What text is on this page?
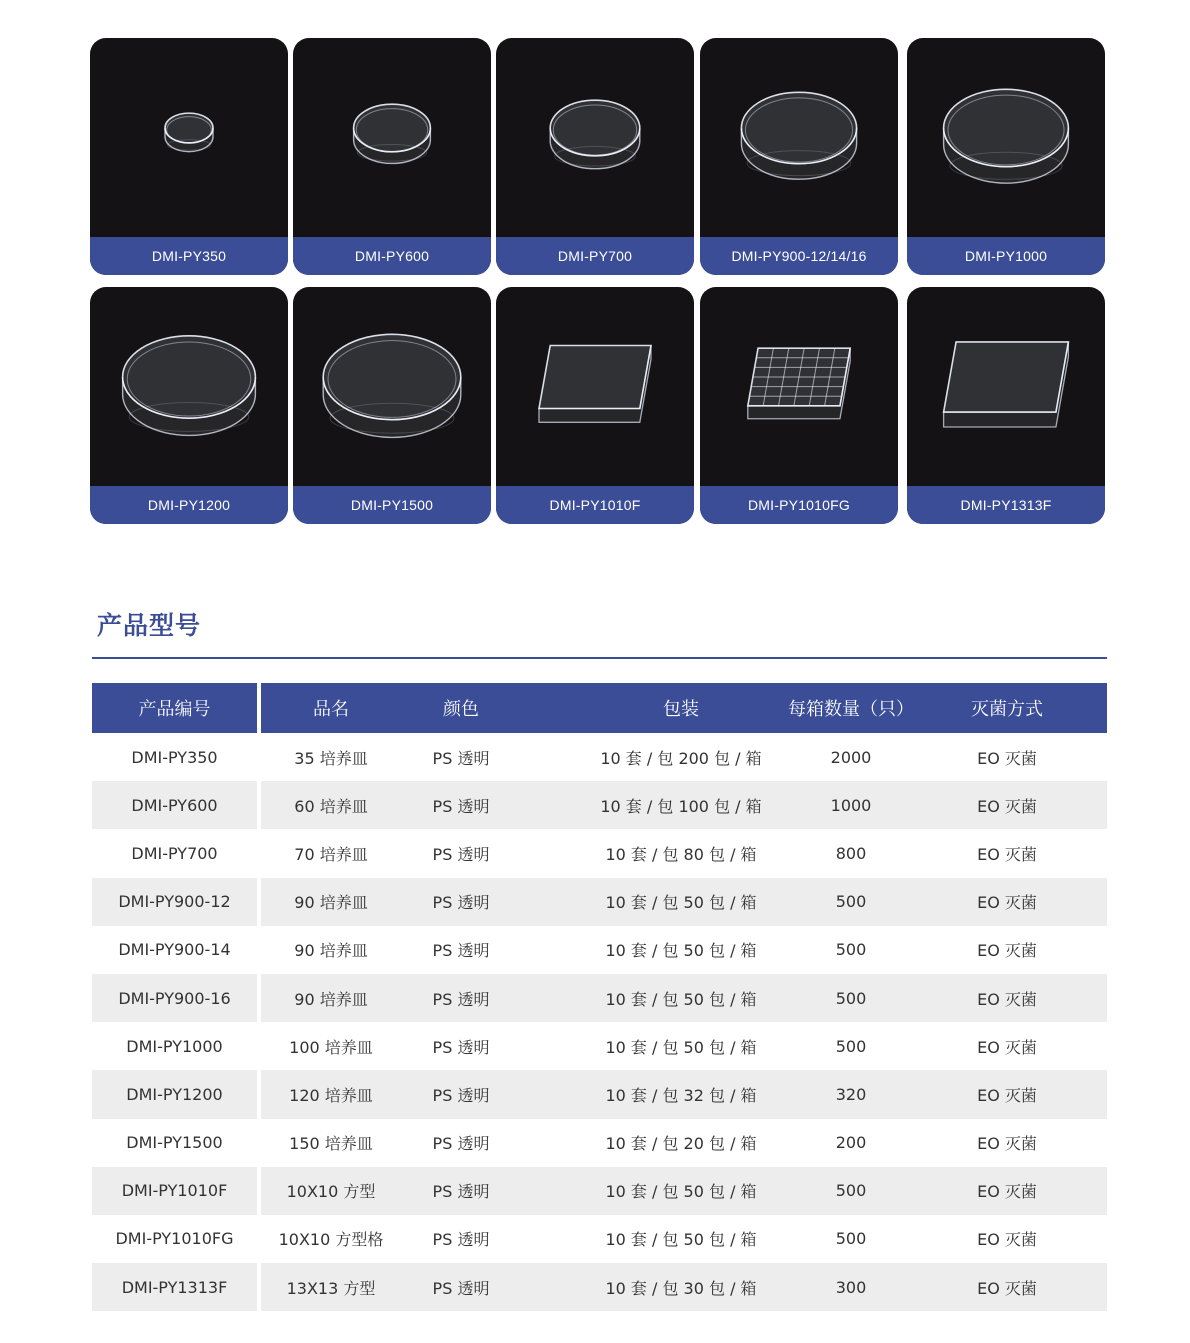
DMI-PY350	DMI-PY600	DMI-PY700	DMI-PY900-12/14/16	DMI-PY1000
DMI-PY1200	DMI-PY1500	DMI-PY1010F	DMI-PY1010FG	DMI-PY1313F
产品型号
产品编号	品名	颜色	包装	每箱数量（只）	灭菌方式
DMI-PY350	35 培养皿	PS 透明	10 套 / 包 200 包 / 箱	2000	EO 灭菌
DMI-PY600	60 培养皿	PS 透明	10 套 / 包 100 包 / 箱	1000	EO 灭菌
DMI-PY700	70 培养皿	PS 透明	10 套 / 包 80 包 / 箱	800	EO 灭菌
DMI-PY900-12	90 培养皿	PS 透明	10 套 / 包 50 包 / 箱	500	EO 灭菌
DMI-PY900-14	90 培养皿	PS 透明	10 套 / 包 50 包 / 箱	500	EO 灭菌
DMI-PY900-16	90 培养皿	PS 透明	10 套 / 包 50 包 / 箱	500	EO 灭菌
DMI-PY1000	100 培养皿	PS 透明	10 套 / 包 50 包 / 箱	500	EO 灭菌
DMI-PY1200	120 培养皿	PS 透明	10 套 / 包 32 包 / 箱	320	EO 灭菌
DMI-PY1500	150 培养皿	PS 透明	10 套 / 包 20 包 / 箱	200	EO 灭菌
DMI-PY1010F	10X10 方型	PS 透明	10 套 / 包 50 包 / 箱	500	EO 灭菌
DMI-PY1010FG	10X10 方型格	PS 透明	10 套 / 包 50 包 / 箱	500	EO 灭菌
DMI-PY1313F	13X13 方型	PS 透明	10 套 / 包 30 包 / 箱	300	EO 灭菌
